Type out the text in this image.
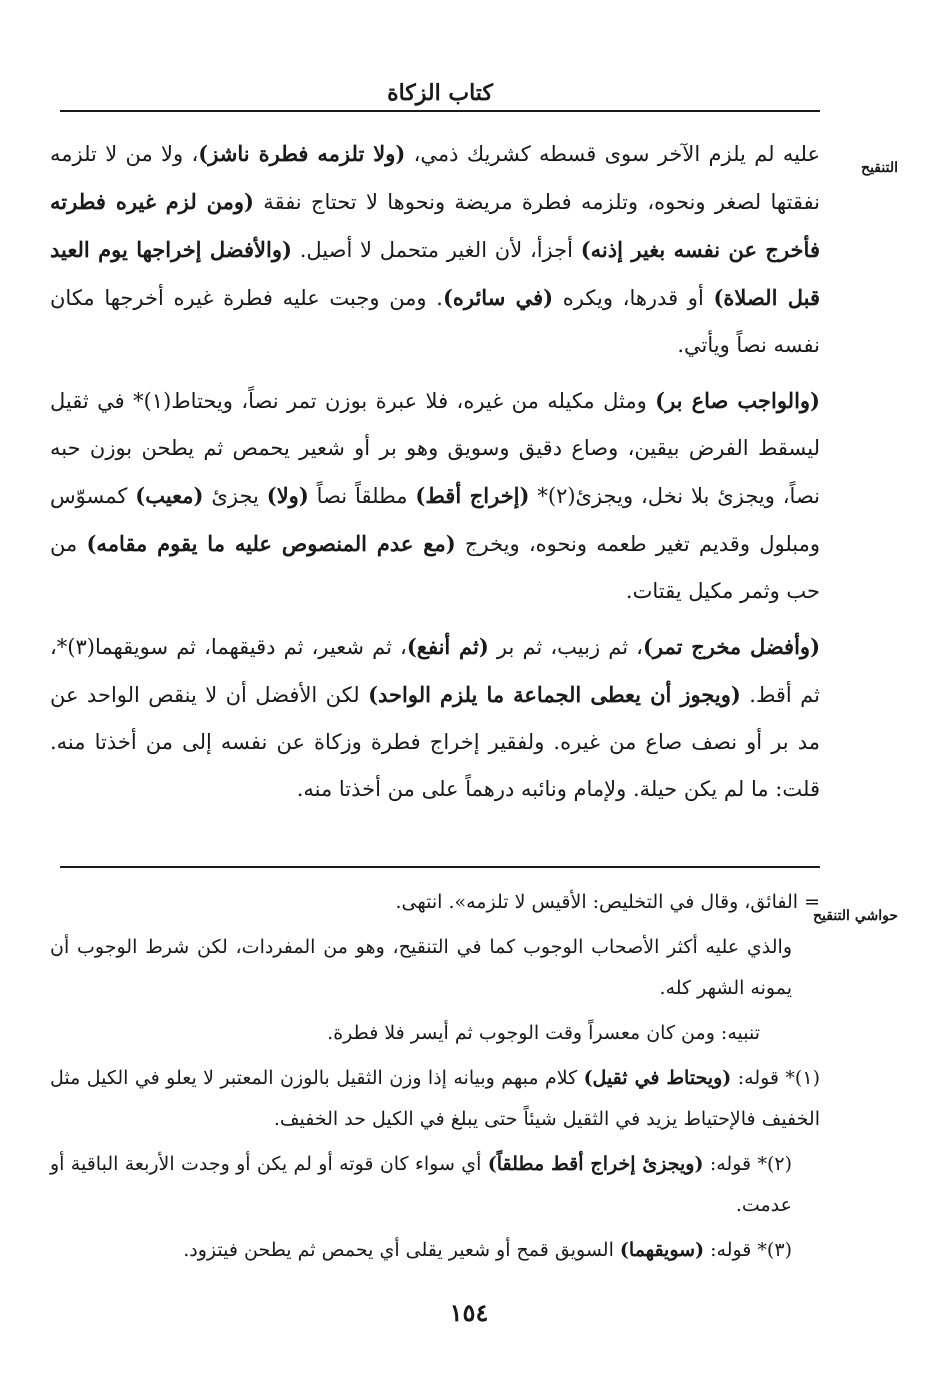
كتاب الزكاة
التنقيح

عليه لم يلزم الآخر سوى قسطه كشريك ذمي، (ولا تلزمه فطرة ناشز)، ولا من لا تلزمه نفقتها لصغر ونحوه، وتلزمه فطرة مريضة ونحوها لا تحتاج نفقة (ومن لزم غيره فطرته فأخرج عن نفسه بغير إذنه) أجزأ، لأن الغير متحمل لا أصيل. (والأفضل إخراجها يوم العيد قبل الصلاة) أو قدرها، ويكره (في سائره). ومن وجبت عليه فطرة غيره أخرجها مكان نفسه نصاً ويأتي.

(والواجب صاع بر) ومثل مكيله من غيره، فلا عبرة بوزن تمر نصاً، ويحتاط(١)* في ثقيل ليسقط الفرض بيقين، وصاع دقيق وسويق وهو بر أو شعير يحمص ثم يطحن بوزن حبه نصاً، ويجزئ بلا نخل، ويجزئ(٢)* (إخراج أقط) مطلقاً نصاً (ولا) يجزئ (معيب) كمسوّس ومبلول وقديم تغير طعمه ونحوه، ويخرج (مع عدم المنصوص عليه ما يقوم مقامه) من حب وثمر مكيل يقتات.

(وأفضل مخرج تمر)، ثم زبيب، ثم بر (ثم أنفع)، ثم شعير، ثم دقيقهما، ثم سويقهما(٣)*، ثم أقط. (ويجوز أن يعطى الجماعة ما يلزم الواحد) لكن الأفضل أن لا ينقص الواحد عن مد بر أو نصف صاع من غيره. ولفقير إخراج فطرة وزكاة عن نفسه إلى من أخذتا منه. قلت: ما لم يكن حيلة. ولإمام ونائبه درهماً على من أخذتا منه.

حواشي التنقيح

= الفائق، وقال في التخليص: الأقيس لا تلزمه». انتهى.

والذي عليه أكثر الأصحاب الوجوب كما في التنقيح، وهو من المفردات، لكن شرط الوجوب أن يمونه الشهر كله.

تنبيه: ومن كان معسراً وقت الوجوب ثم أيسر فلا فطرة.

(١)* قوله: (ويحتاط في ثقيل) كلام مبهم وبيانه إذا وزن الثقيل بالوزن المعتبر لا يعلو في الكيل مثل الخفيف فالإحتياط يزيد في الثقيل شيئاً حتى يبلغ في الكيل حد الخفيف.

(٢)* قوله: (ويجزئ إخراج أقط مطلقاً) أي سواء كان قوته أو لم يكن أو وجدت الأربعة الباقية أو عدمت.

(٣)* قوله: (سويقهما) السويق قمح أو شعير يقلى أي يحمص ثم يطحن فيتزود.

١٥٤
